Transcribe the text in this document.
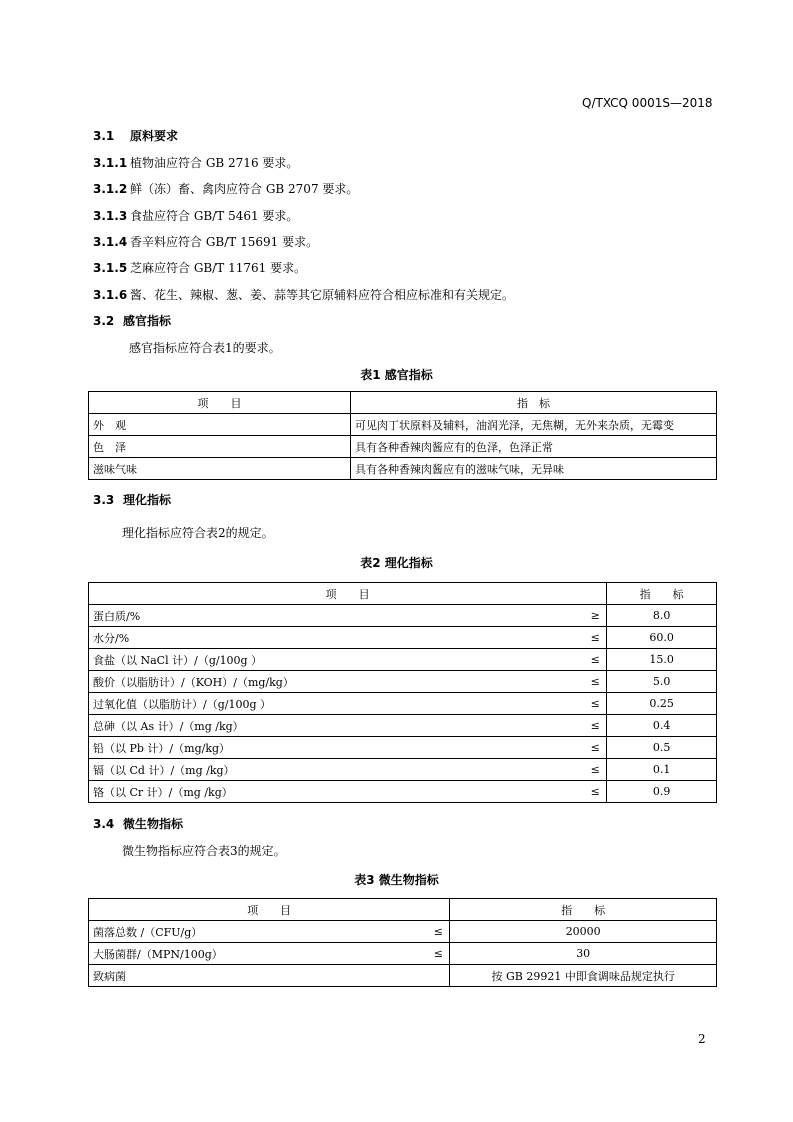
Q/TXCQ 0001S—2018
3.1 原料要求
3.1.1 植物油应符合 GB 2716 要求。
3.1.2 鲜（冻）畜、禽肉应符合 GB 2707 要求。
3.1.3 食盐应符合 GB/T 5461 要求。
3.1.4 香辛料应符合 GB/T 15691 要求。
3.1.5 芝麻应符合 GB/T 11761 要求。
3.1.6 酱、花生、辣椒、葱、姜、蒜等其它原辅料应符合相应标准和有关规定。
3.2 感官指标
感官指标应符合表1的要求。
表1 感官指标
项　　目	指　标
外　观	可见肉丁状原料及辅料，油润光泽，无焦糊，无外来杂质，无霉变
色　泽	具有各种香辣肉酱应有的色泽，色泽正常
滋味气味	具有各种香辣肉酱应有的滋味气味，无异味
3.3 理化指标
理化指标应符合表2的规定。
表2 理化指标
项　　目		指　　标
蛋白质/%	≥	8.0
水分/%	≤	60.0
食盐（以 NaCl 计）/（g/100g ）	≤	15.0
酸价（以脂肪计）/（KOH）/（mg/kg）	≤	5.0
过氧化值（以脂肪计）/（g/100g ）	≤	0.25
总砷（以 As 计）/（mg /kg）	≤	0.4
铅（以 Pb 计）/（mg/kg）	≤	0.5
镉（以 Cd 计）/（mg /kg）	≤	0.1
铬（以 Cr 计）/（mg /kg）	≤	0.9
3.4 微生物指标
微生物指标应符合表3的规定。
表3 微生物指标
项　　目		指　　标
菌落总数 /（CFU/g）	≤	20000
大肠菌群/（MPN/100g）	≤	30
致病菌		按 GB 29921 中即食调味品规定执行
2
